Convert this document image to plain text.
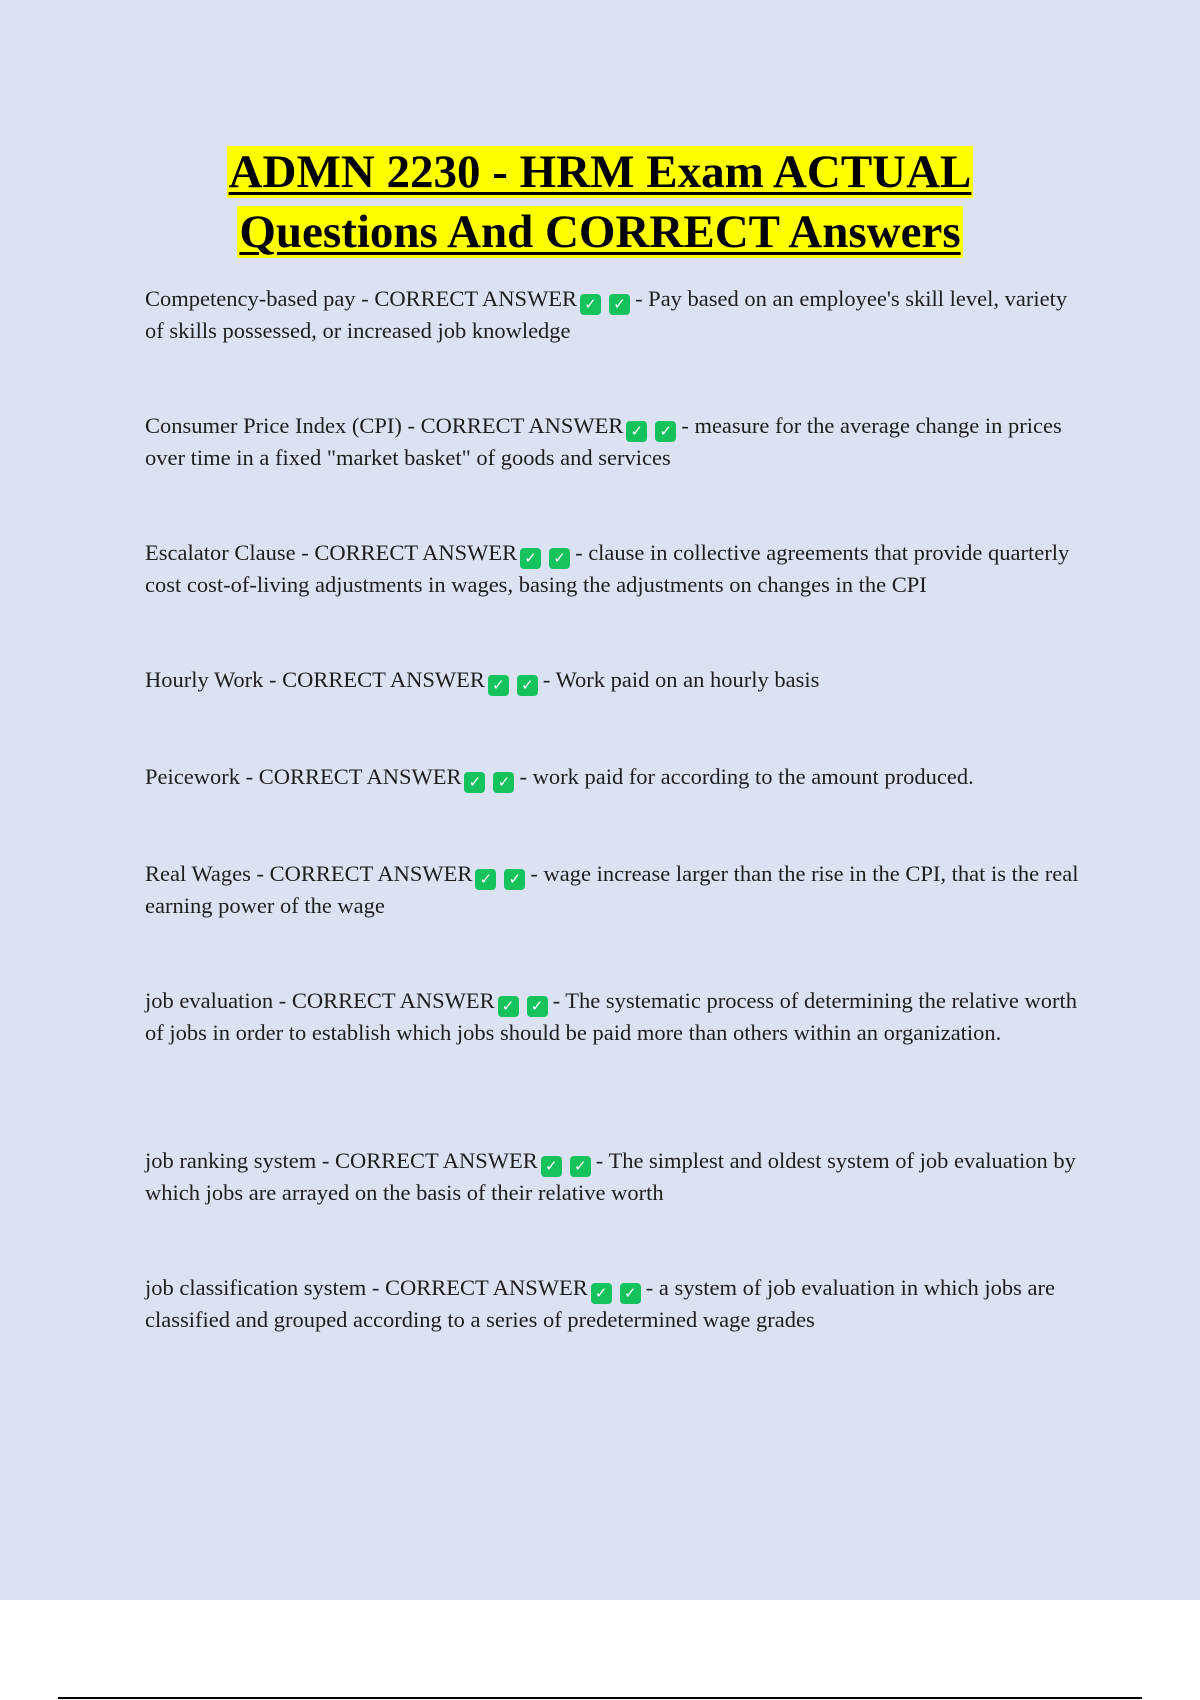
ADMN 2230 - HRM Exam ACTUAL
Questions And CORRECT Answers

Competency-based pay - CORRECT ANSWER ✓ ✓ - Pay based on an employee's skill level, variety of skills possessed, or increased job knowledge

Consumer Price Index (CPI) - CORRECT ANSWER ✓ ✓ - measure for the average change in prices over time in a fixed "market basket" of goods and services

Escalator Clause - CORRECT ANSWER ✓ ✓ - clause in collective agreements that provide quarterly cost cost-of-living adjustments in wages, basing the adjustments on changes in the CPI

Hourly Work - CORRECT ANSWER ✓ ✓ - Work paid on an hourly basis

Peicework - CORRECT ANSWER ✓ ✓ - work paid for according to the amount produced.

Real Wages - CORRECT ANSWER ✓ ✓ - wage increase larger than the rise in the CPI, that is the real earning power of the wage

job evaluation - CORRECT ANSWER ✓ ✓ - The systematic process of determining the relative worth of jobs in order to establish which jobs should be paid more than others within an organization.

job ranking system - CORRECT ANSWER ✓ ✓ - The simplest and oldest system of job evaluation by which jobs are arrayed on the basis of their relative worth

job classification system - CORRECT ANSWER ✓ ✓ - a system of job evaluation in which jobs are classified and grouped according to a series of predetermined wage grades
